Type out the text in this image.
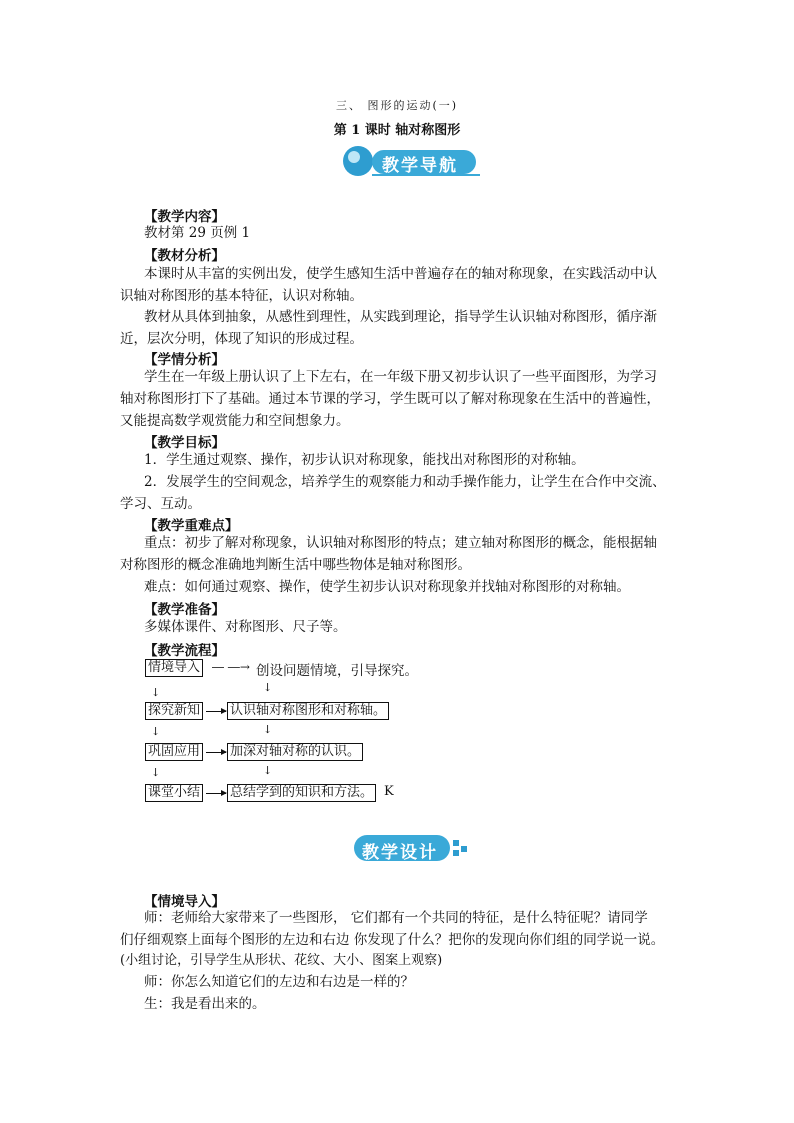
三、 图形的运动(一)
第 1 课时 轴对称图形
教学导航
【教学内容】
教材第 29 页例 1
【教材分析】
本课时从丰富的实例出发，使学生感知生活中普遍存在的轴对称现象，在实践活动中认
识轴对称图形的基本特征，认识对称轴。
教材从具体到抽象，从感性到理性，从实践到理论，指导学生认识轴对称图形，循序渐
近，层次分明，体现了知识的形成过程。
【学情分析】
学生在一年级上册认识了上下左右，在一年级下册又初步认识了一些平面图形，为学习
轴对称图形打下了基础。通过本节课的学习，学生既可以了解对称现象在生活中的普遍性，
又能提高数学观赏能力和空间想象力。
【教学目标】
1．学生通过观察、操作，初步认识对称现象，能找出对称图形的对称轴。
2．发展学生的空间观念，培养学生的观察能力和动手操作能力，让学生在合作中交流、
学习、互动。
【教学重难点】
重点：初步了解对称现象，认识轴对称图形的特点；建立轴对称图形的概念，能根据轴
对称图形的概念准确地判断生活中哪些物体是轴对称图形。
难点：如何通过观察、操作，使学生初步认识对称现象并找轴对称图形的对称轴。
【教学准备】
多媒体课件、对称图形、尺子等。
【教学流程】
情境导入 ― ―→ 创设问题情境，引导探究。
↓	↓
探究新知 认识轴对称图形和对称轴。
↓	↓
巩固应用 加深对轴对称的认识。
↓	↓
课堂小结 总结学到的知识和方法。 K
教学设计
【情境导入】
师：老师给大家带来了一些图形， 它们都有一个共同的特征，是什么特征呢？请同学
们仔细观察上面每个图形的左边和右边 你发现了什么？把你的发现向你们组的同学说一说。
(小组讨论，引导学生从形状、花纹、大小、图案上观察)
师：你怎么知道它们的左边和右边是一样的？
生：我是看出来的。
